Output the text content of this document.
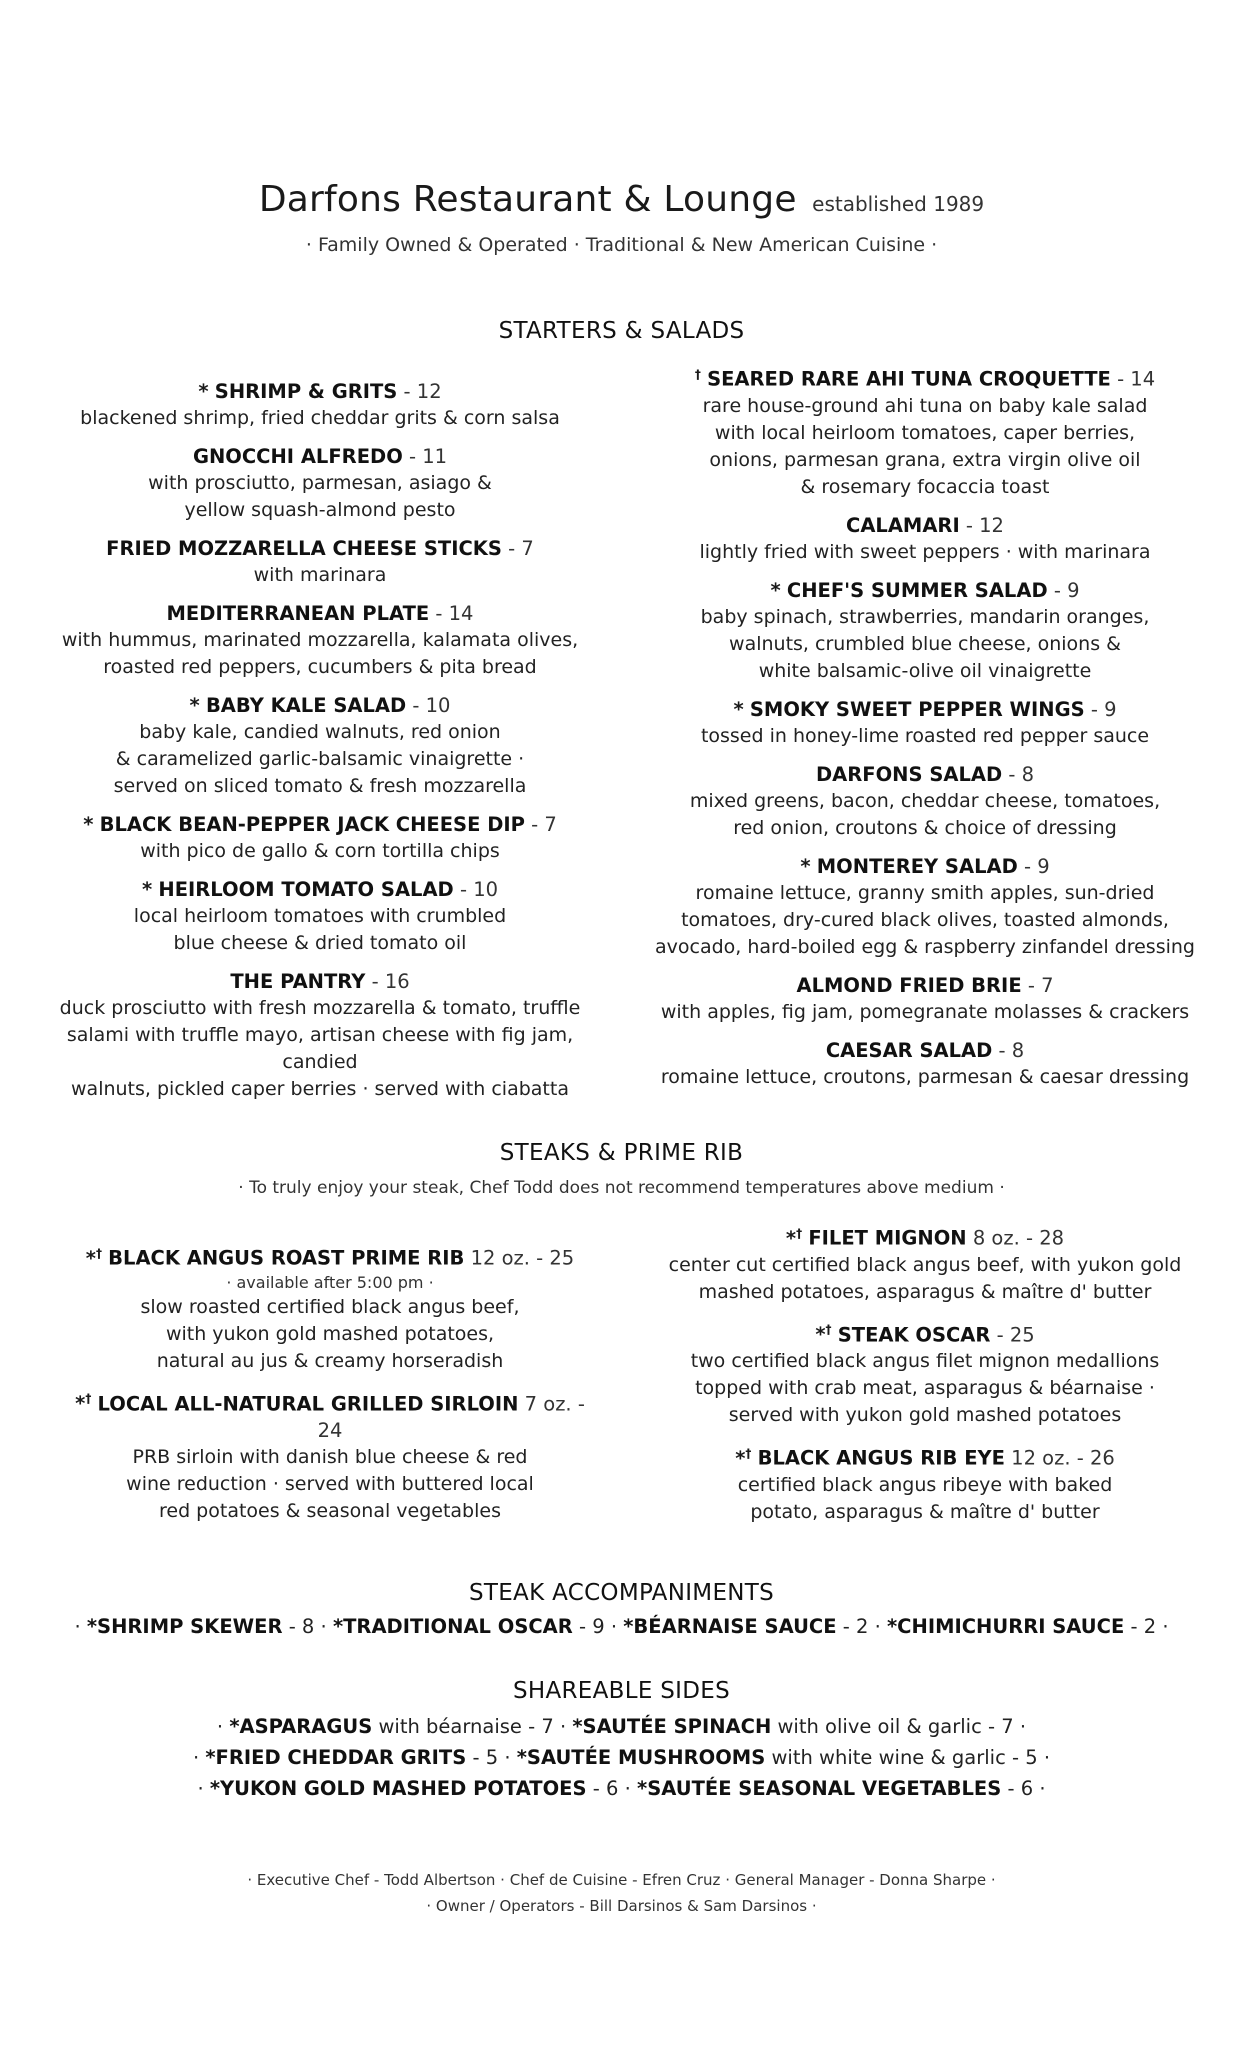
Darfons Restaurant & Lounge established 1989
· Family Owned & Operated · Traditional & New American Cuisine ·
STARTERS & SALADS
* SHRIMP & GRITS - 12
blackened shrimp, fried cheddar grits & corn salsa
GNOCCHI ALFREDO - 11
with prosciutto, parmesan, asiago &
yellow squash-almond pesto
FRIED MOZZARELLA CHEESE STICKS - 7
with marinara
MEDITERRANEAN PLATE - 14
with hummus, marinated mozzarella, kalamata olives,
roasted red peppers, cucumbers & pita bread
* BABY KALE SALAD - 10
baby kale, candied walnuts, red onion
& caramelized garlic-balsamic vinaigrette ·
served on sliced tomato & fresh mozzarella
* BLACK BEAN-PEPPER JACK CHEESE DIP - 7
with pico de gallo & corn tortilla chips
* HEIRLOOM TOMATO SALAD - 10
local heirloom tomatoes with crumbled
blue cheese & dried tomato oil
THE PANTRY - 16
duck prosciutto with fresh mozzarella & tomato, truffle
salami with truffle mayo, artisan cheese with fig jam, candied
walnuts, pickled caper berries · served with ciabatta
† SEARED RARE AHI TUNA CROQUETTE - 14
rare house-ground ahi tuna on baby kale salad
with local heirloom tomatoes, caper berries,
onions, parmesan grana, extra virgin olive oil
& rosemary focaccia toast
CALAMARI - 12
lightly fried with sweet peppers · with marinara
* CHEF'S SUMMER SALAD - 9
baby spinach, strawberries, mandarin oranges,
walnuts, crumbled blue cheese, onions &
white balsamic-olive oil vinaigrette
* SMOKY SWEET PEPPER WINGS - 9
tossed in honey-lime roasted red pepper sauce
DARFONS SALAD - 8
mixed greens, bacon, cheddar cheese, tomatoes,
red onion, croutons & choice of dressing
* MONTEREY SALAD - 9
romaine lettuce, granny smith apples, sun-dried
tomatoes, dry-cured black olives, toasted almonds,
avocado, hard-boiled egg & raspberry zinfandel dressing
ALMOND FRIED BRIE - 7
with apples, fig jam, pomegranate molasses & crackers
CAESAR SALAD - 8
romaine lettuce, croutons, parmesan & caesar dressing
STEAKS & PRIME RIB
· To truly enjoy your steak, Chef Todd does not recommend temperatures above medium ·
*† BLACK ANGUS ROAST PRIME RIB 12 oz. - 25
· available after 5:00 pm ·
slow roasted certified black angus beef,
with yukon gold mashed potatoes,
natural au jus & creamy horseradish
*† LOCAL ALL-NATURAL GRILLED SIRLOIN 7 oz. - 24
PRB sirloin with danish blue cheese & red
wine reduction · served with buttered local
red potatoes & seasonal vegetables
*† FILET MIGNON 8 oz. - 28
center cut certified black angus beef, with yukon gold
mashed potatoes, asparagus & maître d' butter
*† STEAK OSCAR - 25
two certified black angus filet mignon medallions
topped with crab meat, asparagus & béarnaise ·
served with yukon gold mashed potatoes
*† BLACK ANGUS RIB EYE 12 oz. - 26
certified black angus ribeye with baked
potato, asparagus & maître d' butter
STEAK ACCOMPANIMENTS
· *SHRIMP SKEWER - 8 · *TRADITIONAL OSCAR - 9 · *BÉARNAISE SAUCE - 2 · *CHIMICHURRI SAUCE - 2 ·
SHAREABLE SIDES
· *ASPARAGUS with béarnaise - 7 · *SAUTÉE SPINACH with olive oil & garlic - 7 ·
· *FRIED CHEDDAR GRITS - 5 · *SAUTÉE MUSHROOMS with white wine & garlic - 5 ·
· *YUKON GOLD MASHED POTATOES - 6 · *SAUTÉE SEASONAL VEGETABLES - 6 ·
· Executive Chef - Todd Albertson · Chef de Cuisine - Efren Cruz · General Manager - Donna Sharpe ·
· Owner / Operators - Bill Darsinos & Sam Darsinos ·
